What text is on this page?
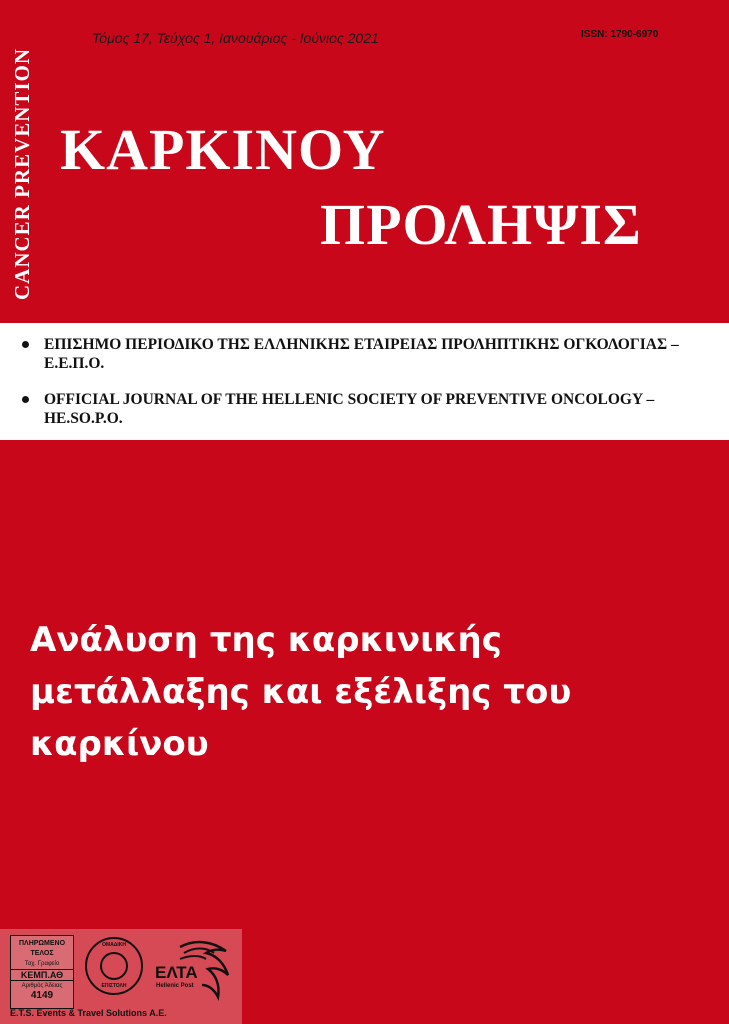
Τόμος 17, Τεύχος 1, Ιανουάριος - Ιούνιος 2021	ISSN: 1790-6970
CANCER PREVENTION ΚΑΡΚΙΝΟΥ
ΠΡΟΛΗΨΙΣ
ΕΠΙΣΗΜΟ ΠΕΡΙΟΔΙΚΟ ΤΗΣ ΕΛΛΗΝΙΚΗΣ ΕΤΑΙΡΕΙΑΣ ΠΡΟΛΗΠΤΙΚΗΣ ΟΓΚΟΛΟΓΙΑΣ – Ε.Ε.Π.Ο.
OFFICIAL JOURNAL OF THE HELLENIC SOCIETY OF PREVENTIVE ONCOLOGY – HE.SO.P.O.
Ανάλυση της καρκινικής
μετάλλαξης και εξέλιξης του
καρκίνου
ΠΛΗΡΩΜΕΝΟ
ΤΕΛΟΣ
Ταχ. Γραφείο
ΚΕΜΠ.ΑΘ
Αριθμός Άδειας
4149
ΟΜΑΔΙΚΗ
ΕΠΙΣΤΟΛΗ
ΕΛΤΑ
Hellenic Post
E.T.S. Events & Travel Solutions A.E.
